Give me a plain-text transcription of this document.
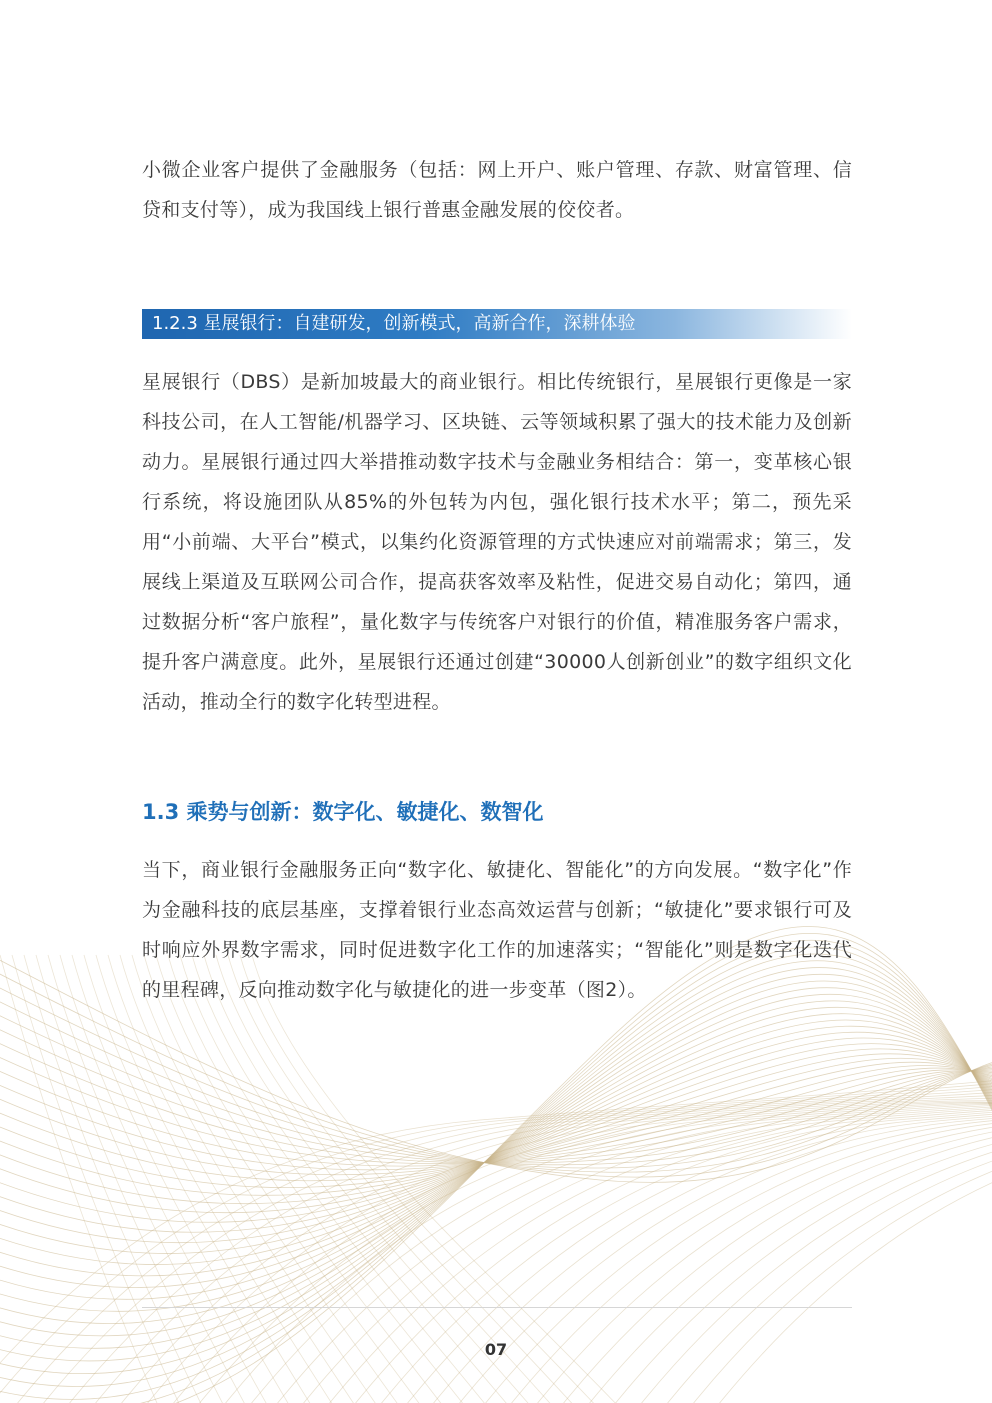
小微企业客户提供了金融服务（包括：网上开户、账户管理、存款、财富管理、信贷和支付等），成为我国线上银行普惠金融发展的佼佼者。
1.2.3 星展银行：自建研发，创新模式，高新合作，深耕体验
星展银行（DBS）是新加坡最大的商业银行。相比传统银行，星展银行更像是一家科技公司，在人工智能/机器学习、区块链、云等领域积累了强大的技术能力及创新动力。星展银行通过四大举措推动数字技术与金融业务相结合：第一，变革核心银行系统，将设施团队从85%的外包转为内包，强化银行技术水平；第二，预先采用“小前端、大平台”模式，以集约化资源管理的方式快速应对前端需求；第三，发展线上渠道及互联网公司合作，提高获客效率及粘性，促进交易自动化；第四，通过数据分析“客户旅程”，量化数字与传统客户对银行的价值，精准服务客户需求，提升客户满意度。此外，星展银行还通过创建“30000人创新创业”的数字组织文化活动，推动全行的数字化转型进程。
1.3 乘势与创新：数字化、敏捷化、数智化
当下，商业银行金融服务正向“数字化、敏捷化、智能化”的方向发展。“数字化”作为金融科技的底层基座，支撑着银行业态高效运营与创新；“敏捷化”要求银行可及时响应外界数字需求，同时促进数字化工作的加速落实；“智能化”则是数字化迭代的里程碑，反向推动数字化与敏捷化的进一步变革（图2）。
07
